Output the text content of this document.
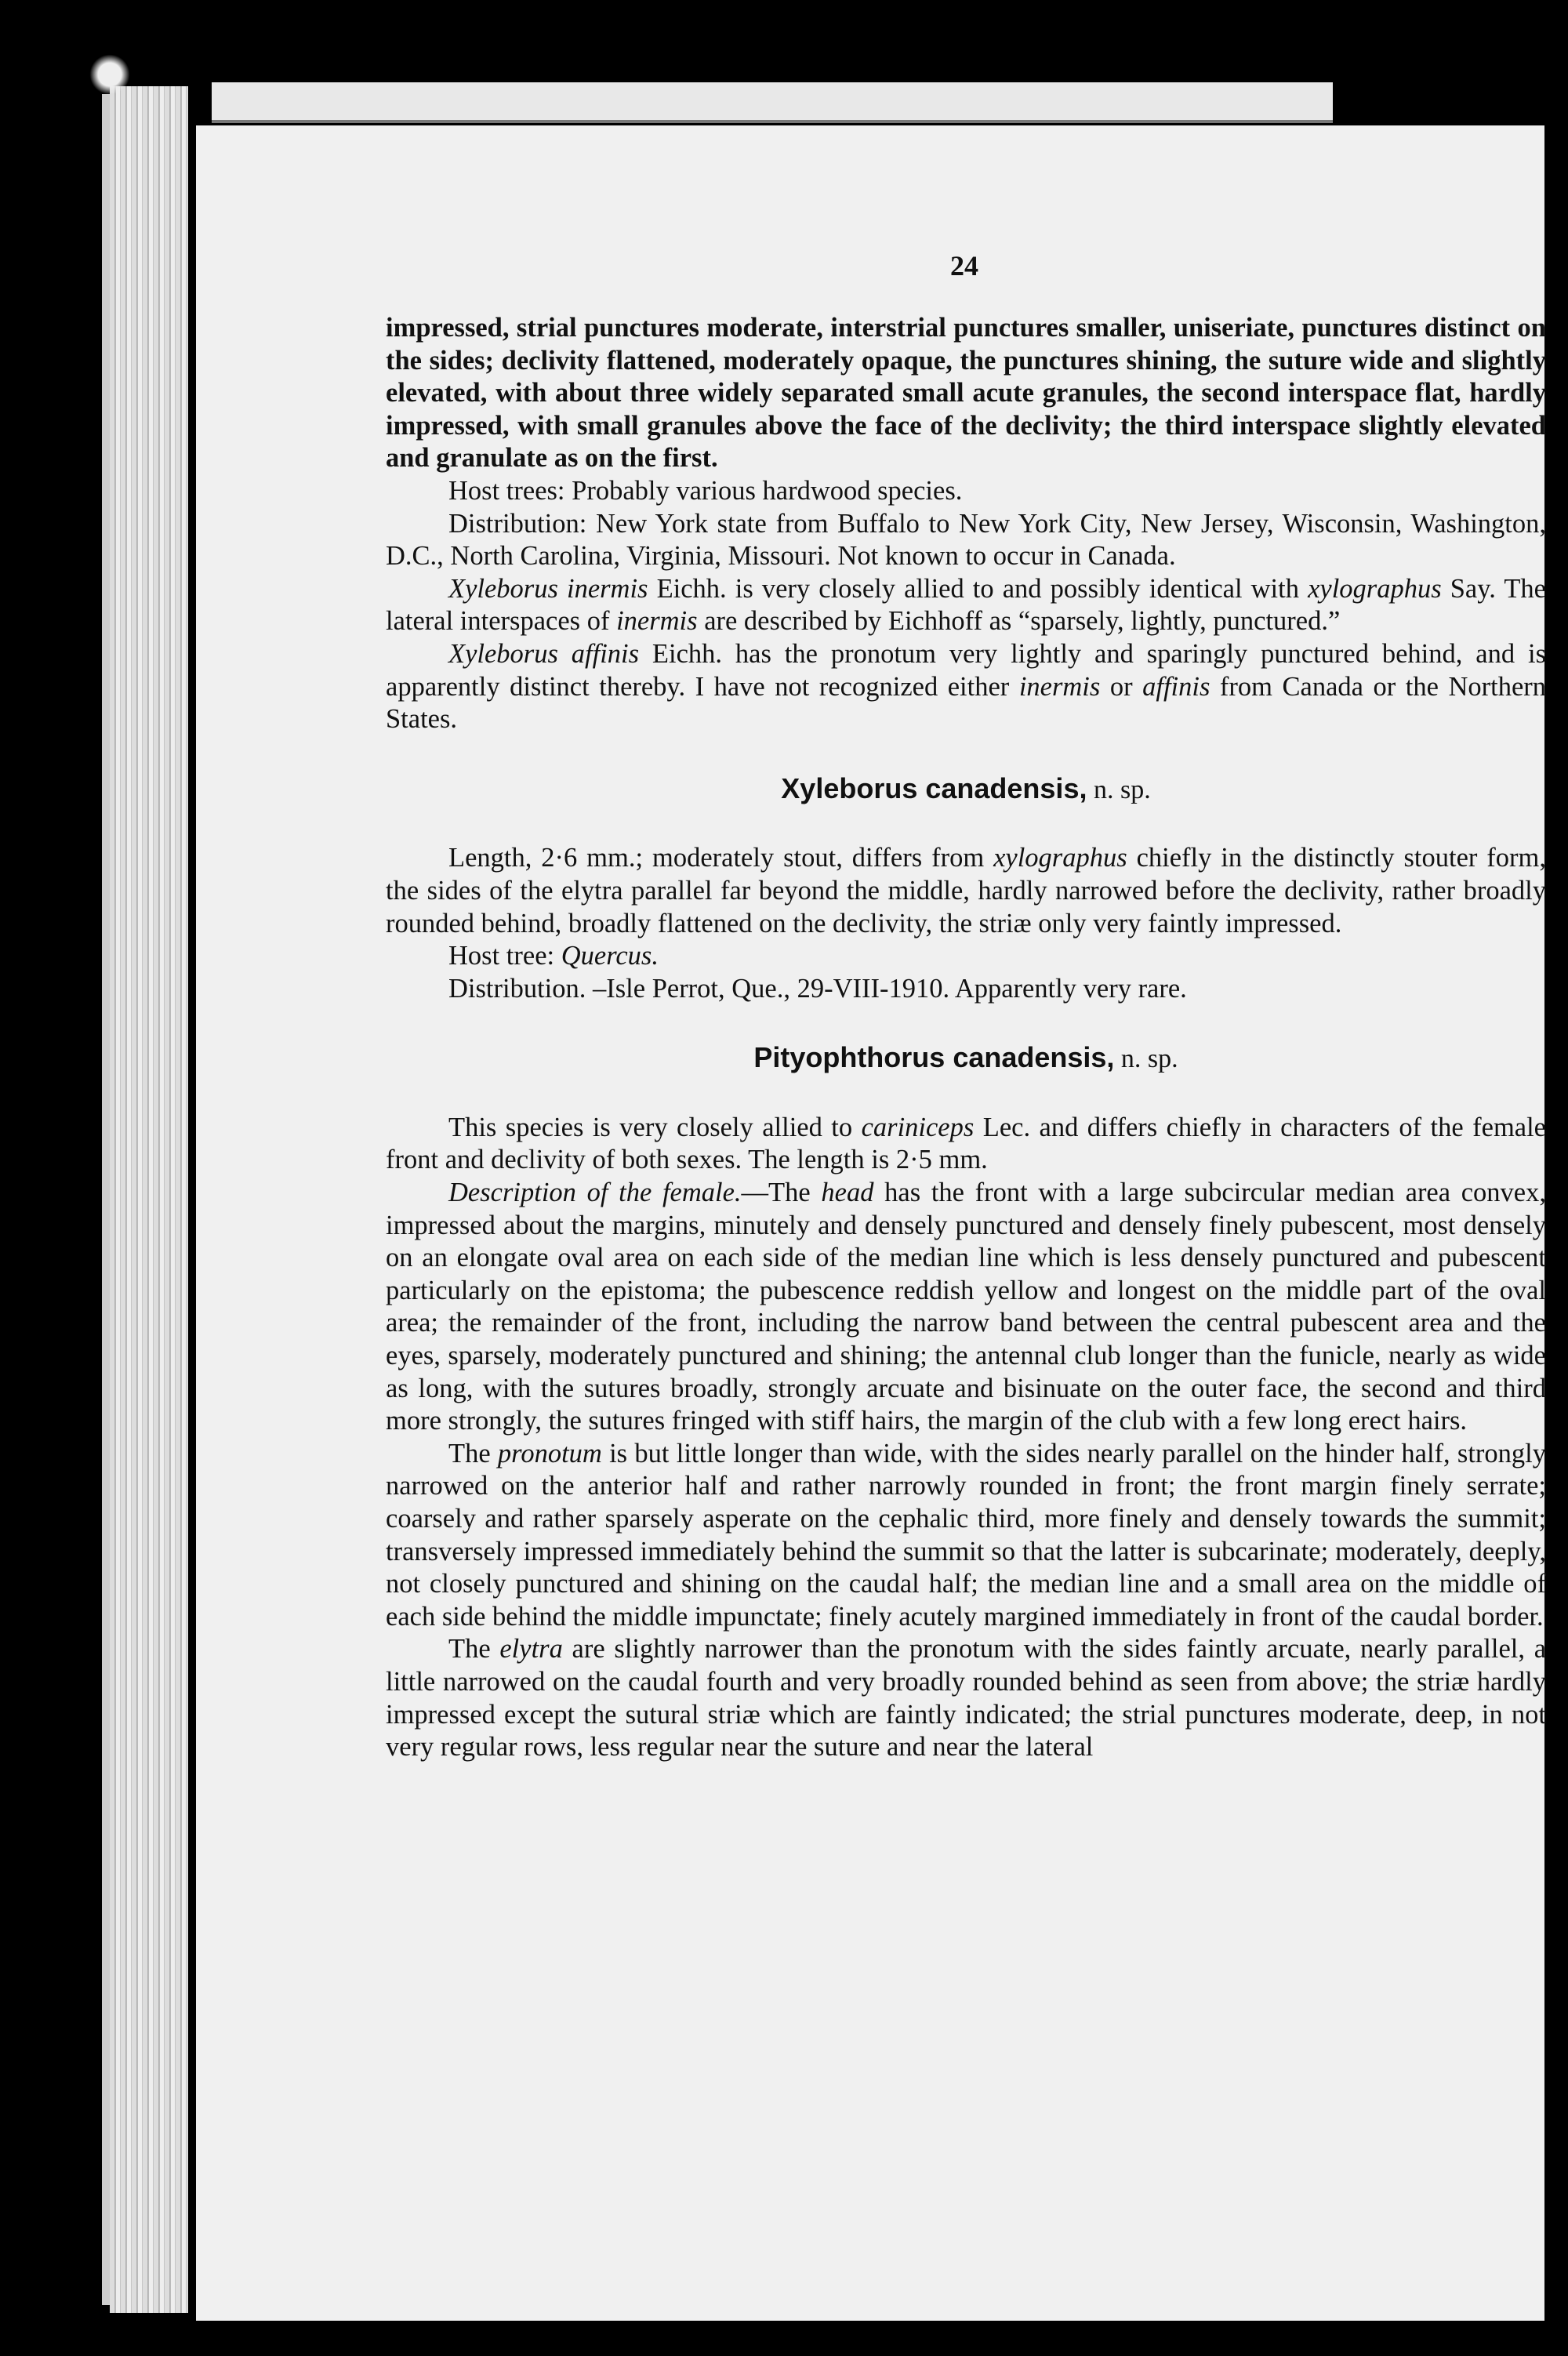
24

impressed, strial punctures moderate, interstrial punctures smaller, uniseriate, punctures distinct on the sides; declivity flattened, moderately opaque, the punctures shining, the suture wide and slightly elevated, with about three widely separated small acute granules, the second interspace flat, hardly impressed, with small granules above the face of the declivity; the third interspace slightly elevated and granulate as on the first.

Host trees: Probably various hardwood species.

Distribution: New York state from Buffalo to New York City, New Jersey, Wisconsin, Washington, D.C., North Carolina, Virginia, Missouri. Not known to occur in Canada.

Xyleborus inermis Eichh. is very closely allied to and possibly identical with xylographus Say. The lateral interspaces of inermis are described by Eichhoff as “sparsely, lightly, punctured.”

Xyleborus affinis Eichh. has the pronotum very lightly and sparingly punctured behind, and is apparently distinct thereby. I have not recognized either inermis or affinis from Canada or the Northern States.

Xyleborus canadensis, n. sp.

Length, 2·6 mm.; moderately stout, differs from xylographus chiefly in the distinctly stouter form, the sides of the elytra parallel far beyond the middle, hardly narrowed before the declivity, rather broadly rounded behind, broadly flattened on the declivity, the striæ only very faintly impressed.

Host tree: Quercus.

Distribution. –Isle Perrot, Que., 29-VIII-1910. Apparently very rare.

Pityophthorus canadensis, n. sp.

This species is very closely allied to cariniceps Lec. and differs chiefly in characters of the female front and declivity of both sexes. The length is 2·5 mm.

Description of the female.—The head has the front with a large subcircular median area convex, impressed about the margins, minutely and densely punctured and densely finely pubescent, most densely on an elongate oval area on each side of the median line which is less densely punctured and pubescent particularly on the epistoma; the pubescence reddish yellow and longest on the middle part of the oval area; the remainder of the front, including the narrow band between the central pubescent area and the eyes, sparsely, moderately punctured and shining; the antennal club longer than the funicle, nearly as wide as long, with the sutures broadly, strongly arcuate and bisinuate on the outer face, the second and third more strongly, the sutures fringed with stiff hairs, the margin of the club with a few long erect hairs.

The pronotum is but little longer than wide, with the sides nearly parallel on the hinder half, strongly narrowed on the anterior half and rather narrowly rounded in front; the front margin finely serrate; coarsely and rather sparsely asperate on the cephalic third, more finely and densely towards the summit; transversely impressed immediately behind the summit so that the latter is subcarinate; moderately, deeply, not closely punctured and shining on the caudal half; the median line and a small area on the middle of each side behind the middle impunctate; finely acutely margined immediately in front of the caudal border.

The elytra are slightly narrower than the pronotum with the sides faintly arcuate, nearly parallel, a little narrowed on the caudal fourth and very broadly rounded behind as seen from above; the striæ hardly impressed except the sutural striæ which are faintly indicated; the strial punctures moderate, deep, in not very regular rows, less regular near the suture and near the lateral
